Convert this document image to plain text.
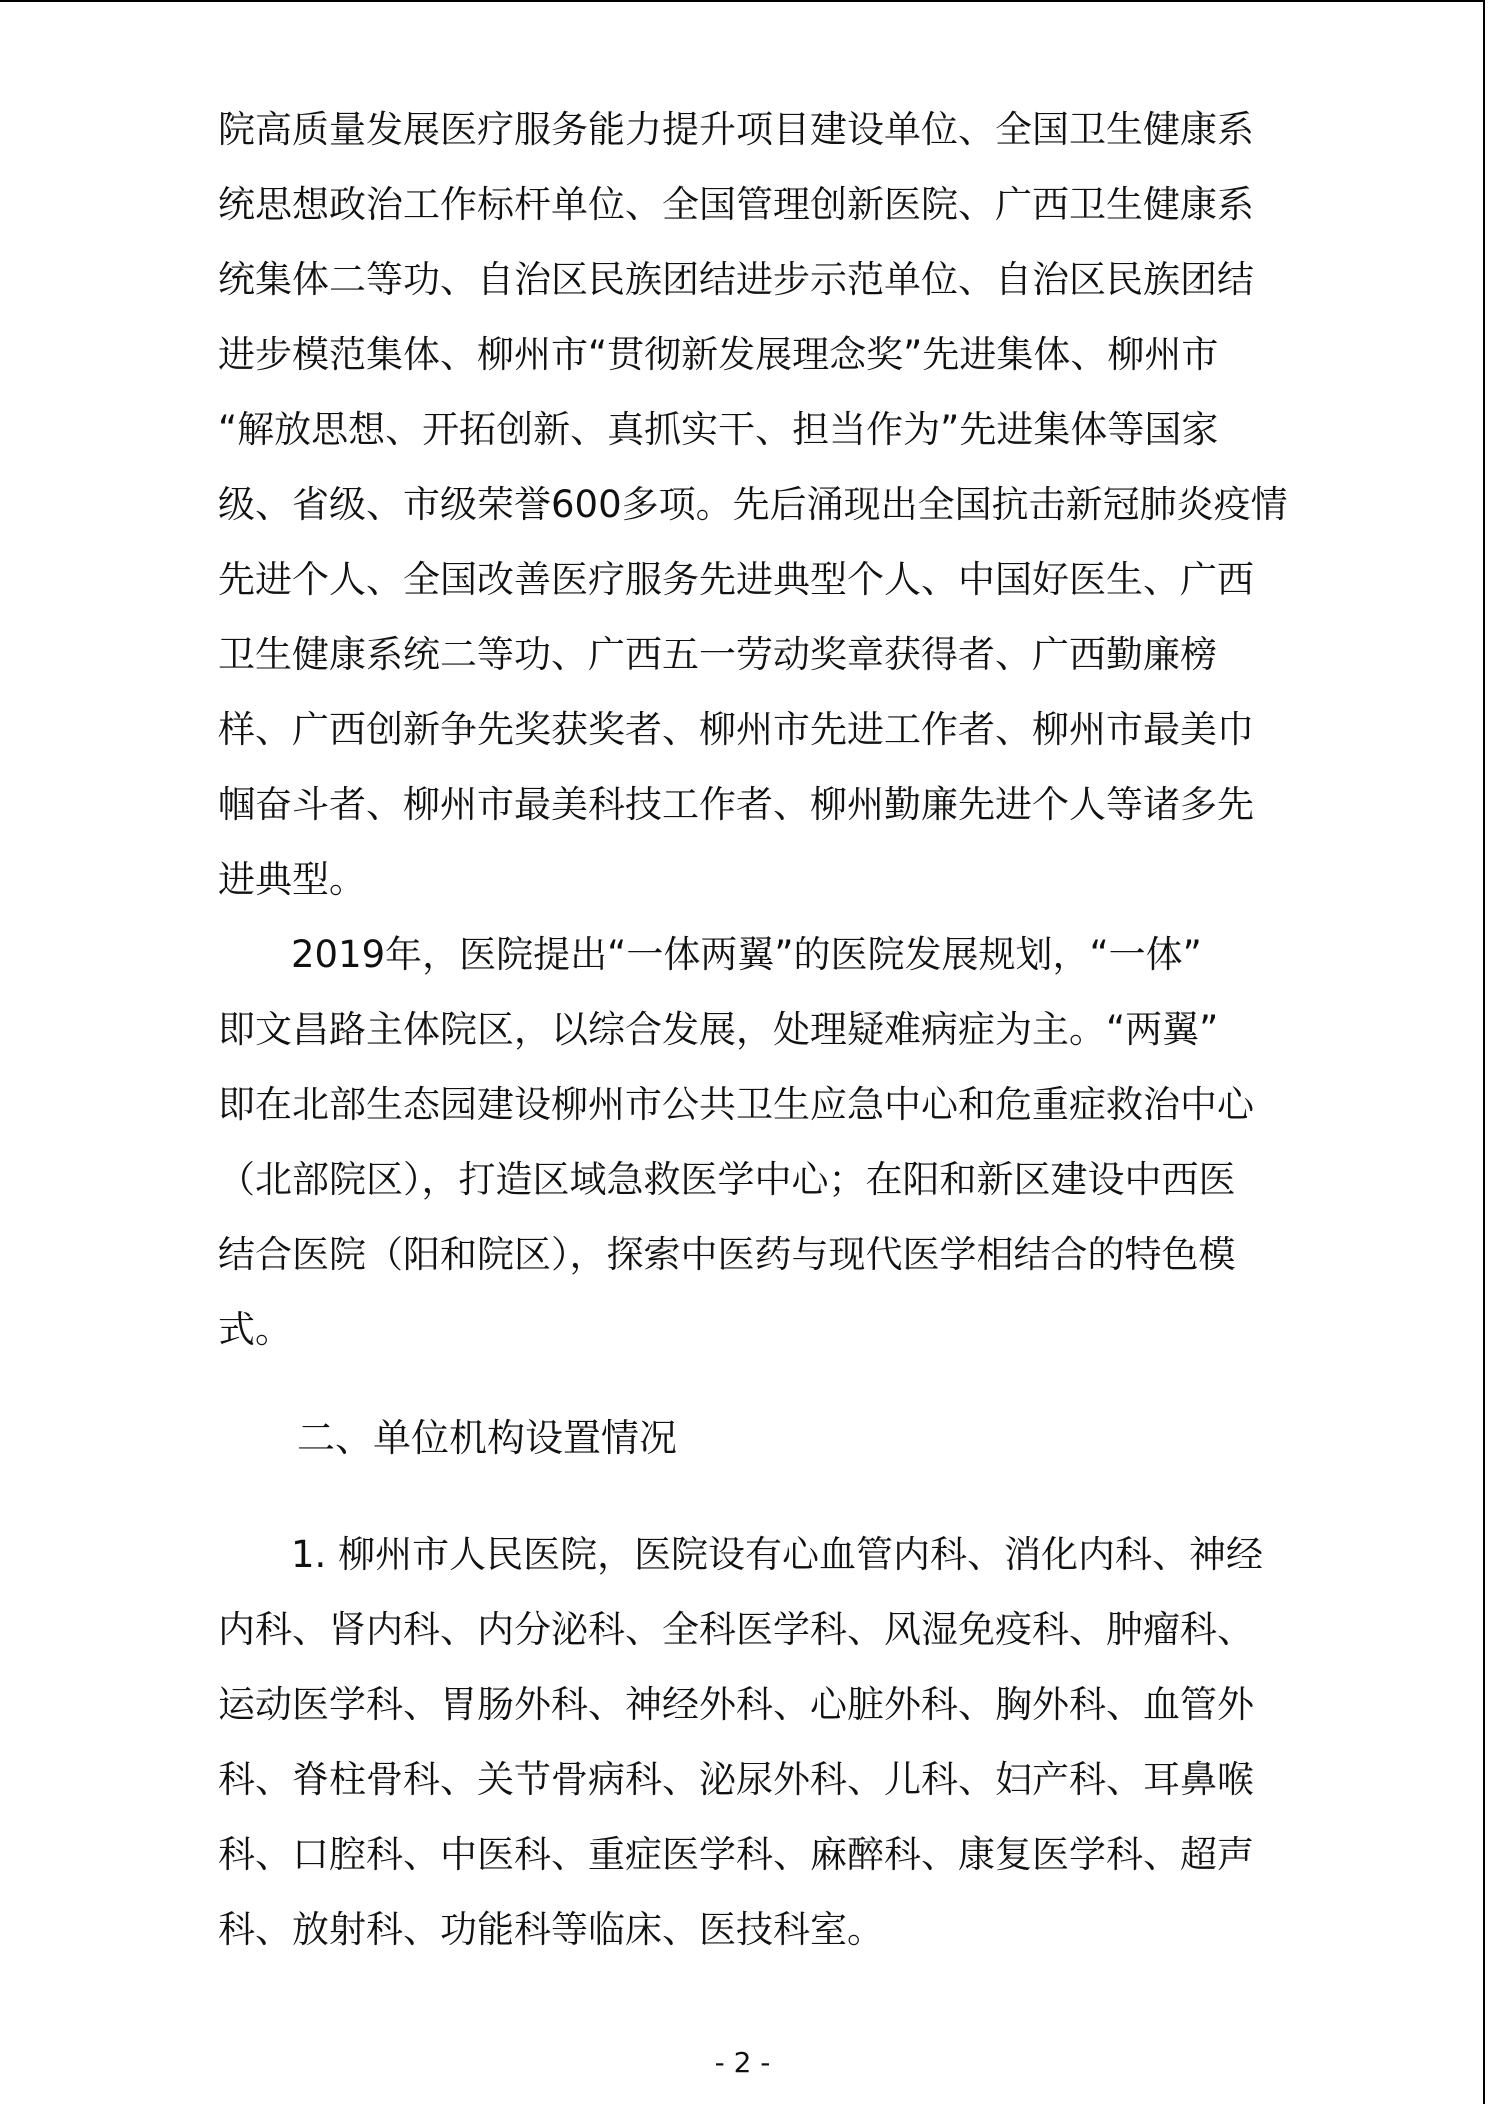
院高质量发展医疗服务能力提升项目建设单位、全国卫生健康系
统思想政治工作标杆单位、全国管理创新医院、广西卫生健康系
统集体二等功、自治区民族团结进步示范单位、自治区民族团结
进步模范集体、柳州市“贯彻新发展理念奖”先进集体、柳州市
“解放思想、开拓创新、真抓实干、担当作为”先进集体等国家
级、省级、市级荣誉600多项。先后涌现出全国抗击新冠肺炎疫情
先进个人、全国改善医疗服务先进典型个人、中国好医生、广西
卫生健康系统二等功、广西五一劳动奖章获得者、广西勤廉榜
样、广西创新争先奖获奖者、柳州市先进工作者、柳州市最美巾
帼奋斗者、柳州市最美科技工作者、柳州勤廉先进个人等诸多先
进典型。
2019年，医院提出“一体两翼”的医院发展规划，“一体”
即文昌路主体院区，以综合发展，处理疑难病症为主。“两翼”
即在北部生态园建设柳州市公共卫生应急中心和危重症救治中心
（北部院区），打造区域急救医学中心；在阳和新区建设中西医
结合医院（阳和院区），探索中医药与现代医学相结合的特色模
式。
二、单位机构设置情况
1. 柳州市人民医院，医院设有心血管内科、消化内科、神经
内科、肾内科、内分泌科、全科医学科、风湿免疫科、肿瘤科、
运动医学科、胃肠外科、神经外科、心脏外科、胸外科、血管外
科、脊柱骨科、关节骨病科、泌尿外科、儿科、妇产科、耳鼻喉
科、口腔科、中医科、重症医学科、麻醉科、康复医学科、超声
科、放射科、功能科等临床、医技科室。
- 2 -
